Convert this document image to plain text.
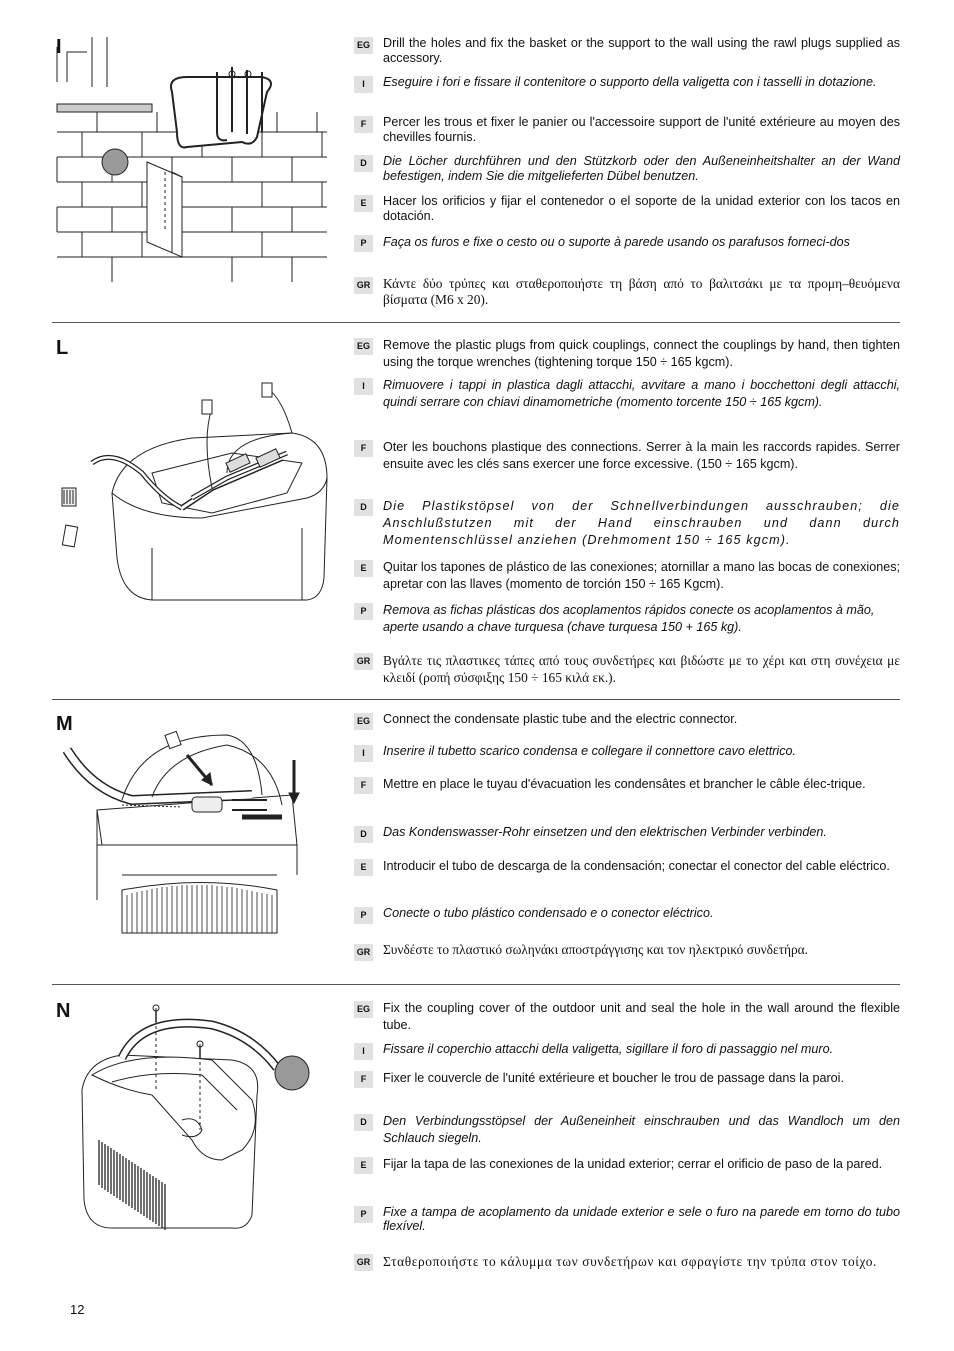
I	EG Drill the holes and fix the basket or the support to the wall using the rawl plugs supplied as accessory.
I	Eseguire i fori e fissare il contenitore o supporto della valigetta con i tasselli in dotazione.
F	Percer les trous et fixer le panier ou l'accessoire support de l'unité extérieure au moyen des chevilles fournis.
D	Die Löcher durchführen und den Stützkorb oder den Außeneinheitshalter an der Wand befestigen, indem Sie die mitgelieferten Dübel benutzen.
E	Hacer los orificios y fijar el contenedor o el soporte de la unidad exterior con los tacos en dotación.
P	Faça os furos e fixe o cesto ou o suporte à parede usando os parafusos forneci-dos
GR Κάντε δύο τρύπες και σταθεροποιήστε τη βάση από το βαλιτσάκι με τα προμη–θευόμενα βίσματα (M6 x 20).
L	EG Remove the plastic plugs from quick couplings, connect the couplings by hand, then tighten using the torque wrenches (tightening torque 150 ÷ 165 kgcm).
I	Rimuovere i tappi in plastica dagli attacchi, avvitare a mano i bocchettoni degli attacchi, quindi serrare con chiavi dinamometriche (momento torcente 150 ÷ 165 kgcm).
F	Oter les bouchons plastique des connections. Serrer à la main les raccords rapides. Serrer ensuite avec les clés sans exercer une force excessive. (150 ÷ 165 kgcm).
D	Die Plastikstöpsel von der Schnellverbindungen ausschrauben; die Anschlußstutzen mit der Hand einschrauben und dann durch Momentenschlüssel anziehen (Drehmoment 150 ÷ 165 kgcm).
E	Quitar los tapones de plástico de las conexiones; atornillar a mano las bocas de conexiones; apretar con las llaves (momento de torción 150 ÷ 165 Kgcm).
P	Remova as fichas plásticas dos acoplamentos rápidos conecte os acoplamentos à mão, aperte usando a chave turquesa (chave turquesa 150 + 165 kg).
GR Βγάλτε τις πλαστικες τάπες από τους συνδετήρες και βιδώστε με το χέρι και στη συνέχεια με κλειδί (ροπή σύσφιξης 150 ÷ 165 κιλά εκ.).
M	EG Connect the condensate plastic tube and the electric connector.
I	Inserire il tubetto scarico condensa e collegare il connettore cavo elettrico.
F	Mettre en place le tuyau d'évacuation les condensâtes et brancher le câble élec-trique.
D	Das Kondenswasser-Rohr einsetzen und den elektrischen Verbinder verbinden.
E	Introducir el tubo de descarga de la condensación; conectar el conector del cable eléctrico.
P	Conecte o tubo plástico condensado e o conector eléctrico.
GR Συνδέστε το πλαστικό σωληνάκι αποστράγγισης και τον ηλεκτρικό συνδετήρα.
N	EG Fix the coupling cover of the outdoor unit and seal the hole in the wall around the flexible tube.
I	Fissare il coperchio attacchi della valigetta, sigillare il foro di passaggio nel muro.
F	Fixer le couvercle de l'unité extérieure et boucher le trou de passage dans la paroi.
D	Den Verbindungsstöpsel der Außeneinheit einschrauben und das Wandloch um den Schlauch siegeln.
E	Fijar la tapa de las conexiones de la unidad exterior; cerrar el orificio de paso de la pared.
P	Fixe a tampa de acoplamento da unidade exterior e sele o furo na parede em torno do tubo flexível.
GR Σταθεροποιήστε το κάλυμμα των συνδετήρων και σφραγίστε την τρύπα στον τοίχο.
12
